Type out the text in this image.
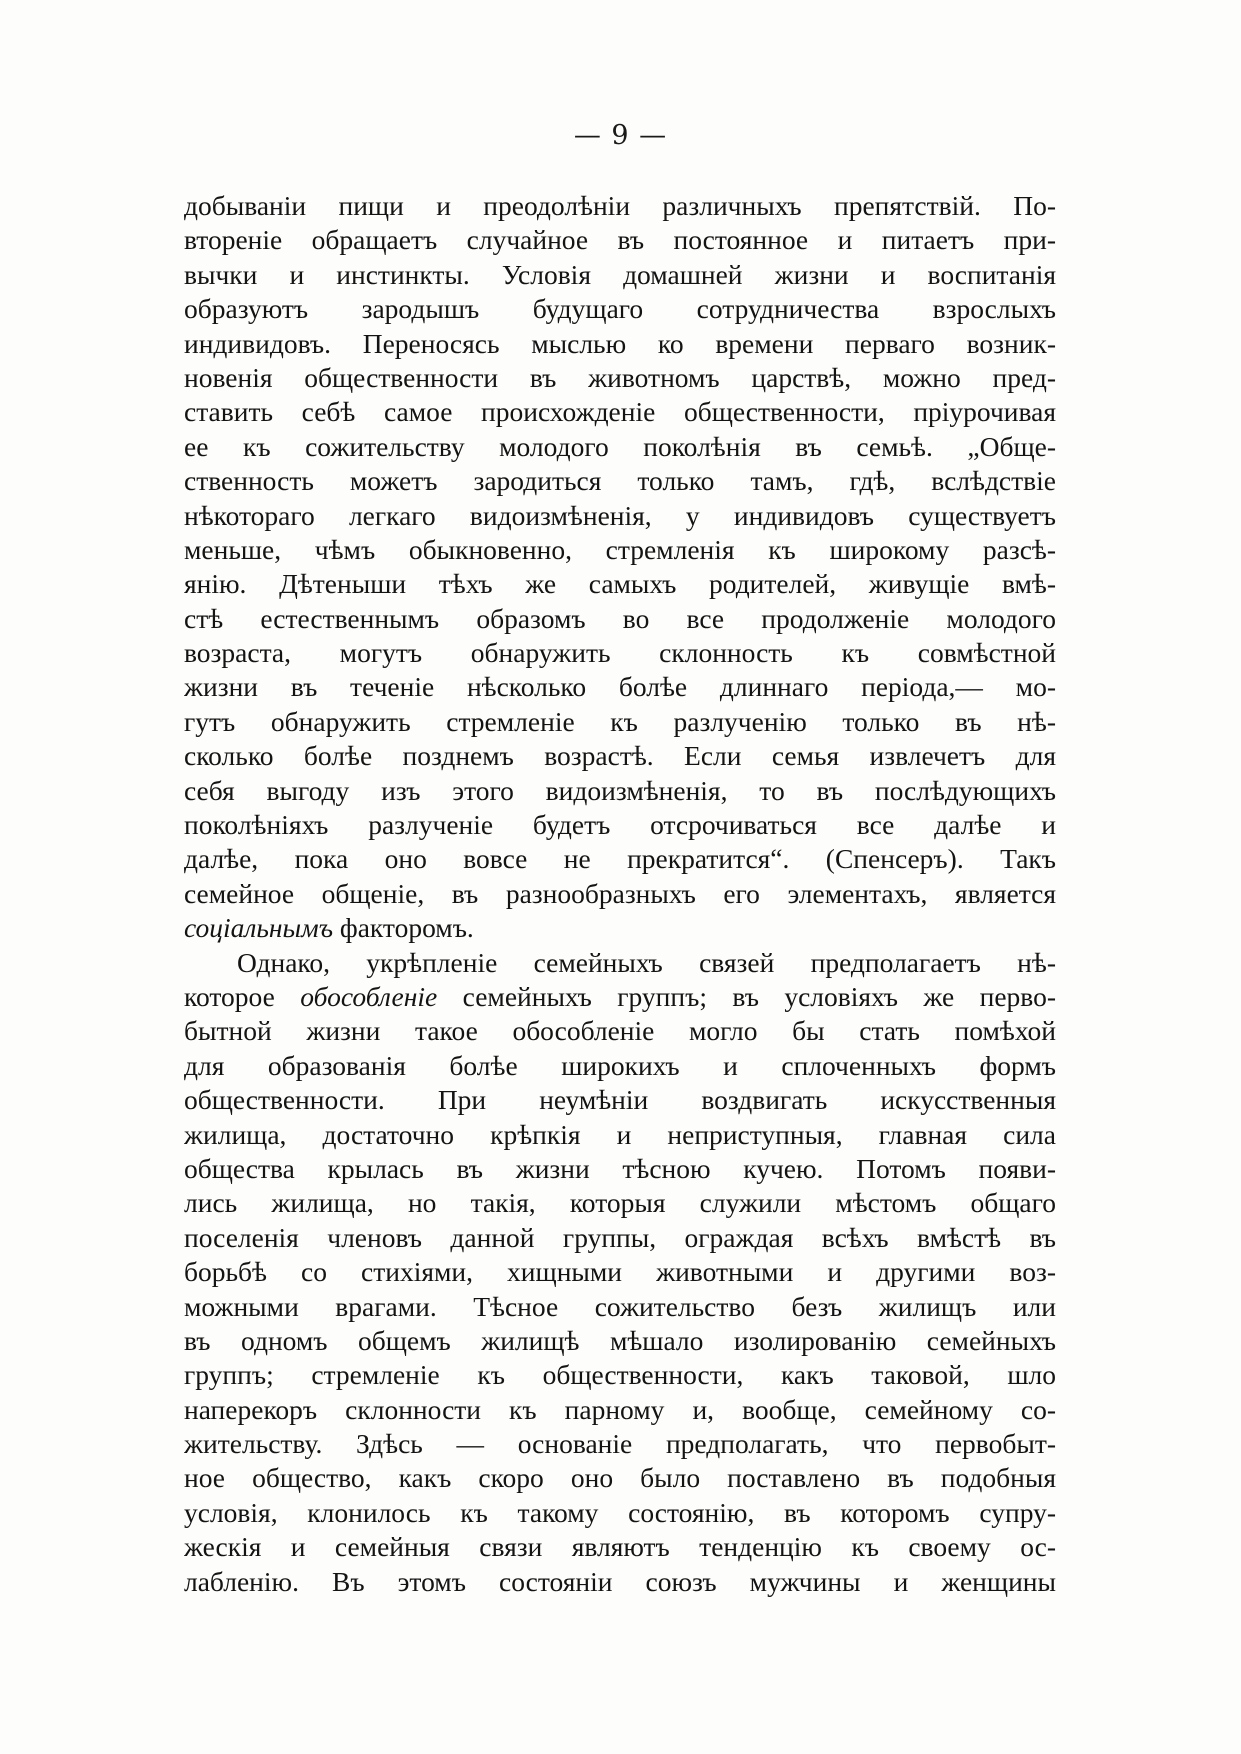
— 9 —
добываніи пищи и преодолѣніи различныхъ препятствій. По-
втореніе обращаетъ случайное въ постоянное и питаетъ при-
вычки и инстинкты. Условія домашней жизни и воспитанія
образуютъ зародышъ будущаго сотрудничества взрослыхъ
индивидовъ. Переносясь мыслью ко времени перваго возник-
новенія общественности въ животномъ царствѣ, можно пред-
ставить себѣ самое происхожденіе общественности, пріурочивая
ее къ сожительству молодого поколѣнія въ семьѣ. „Обще-
ственность можетъ зародиться только тамъ, гдѣ, вслѣдствіе
нѣкотораго легкаго видоизмѣненія, у индивидовъ существуетъ
меньше, чѣмъ обыкновенно, стремленія къ широкому разсѣ-
янію. Дѣтеныши тѣхъ же самыхъ родителей, живущіе вмѣ-
стѣ естественнымъ образомъ во все продолженіе молодого
возраста, могутъ обнаружить склонность къ совмѣстной
жизни въ теченіе нѣсколько болѣе длиннаго періода,— мо-
гутъ обнаружить стремленіе къ разлученію только въ нѣ-
сколько болѣе позднемъ возрастѣ. Если семья извлечетъ для
себя выгоду изъ этого видоизмѣненія, то въ послѣдующихъ
поколѣніяхъ разлученіе будетъ отсрочиваться все далѣе и
далѣе, пока оно вовсе не прекратится“. (Спенсеръ). Такъ
семейное общеніе, въ разнообразныхъ его элементахъ, является
соціальнымъ факторомъ.
Однако, укрѣпленіе семейныхъ связей предполагаетъ нѣ-
которое обособленіе семейныхъ группъ; въ условіяхъ же перво-
бытной жизни такое обособленіе могло бы стать помѣхой
для образованія болѣе широкихъ и сплоченныхъ формъ
общественности. При неумѣніи воздвигать искусственныя
жилища, достаточно крѣпкія и неприступныя, главная сила
общества крылась въ жизни тѣсною кучею. Потомъ появи-
лись жилища, но такія, которыя служили мѣстомъ общаго
поселенія членовъ данной группы, ограждая всѣхъ вмѣстѣ въ
борьбѣ со стихіями, хищными животными и другими воз-
можными врагами. Тѣсное сожительство безъ жилищъ или
въ одномъ общемъ жилищѣ мѣшало изолированію семейныхъ
группъ; стремленіе къ общественности, какъ таковой, шло
наперекоръ склонности къ парному и, вообще, семейному со-
жительству. Здѣсь — основаніе предполагать, что первобыт-
ное общество, какъ скоро оно было поставлено въ подобныя
условія, клонилось къ такому состоянію, въ которомъ супру-
жескія и семейныя связи являютъ тенденцію къ своему ос-
лабленію. Въ этомъ состояніи союзъ мужчины и женщины
